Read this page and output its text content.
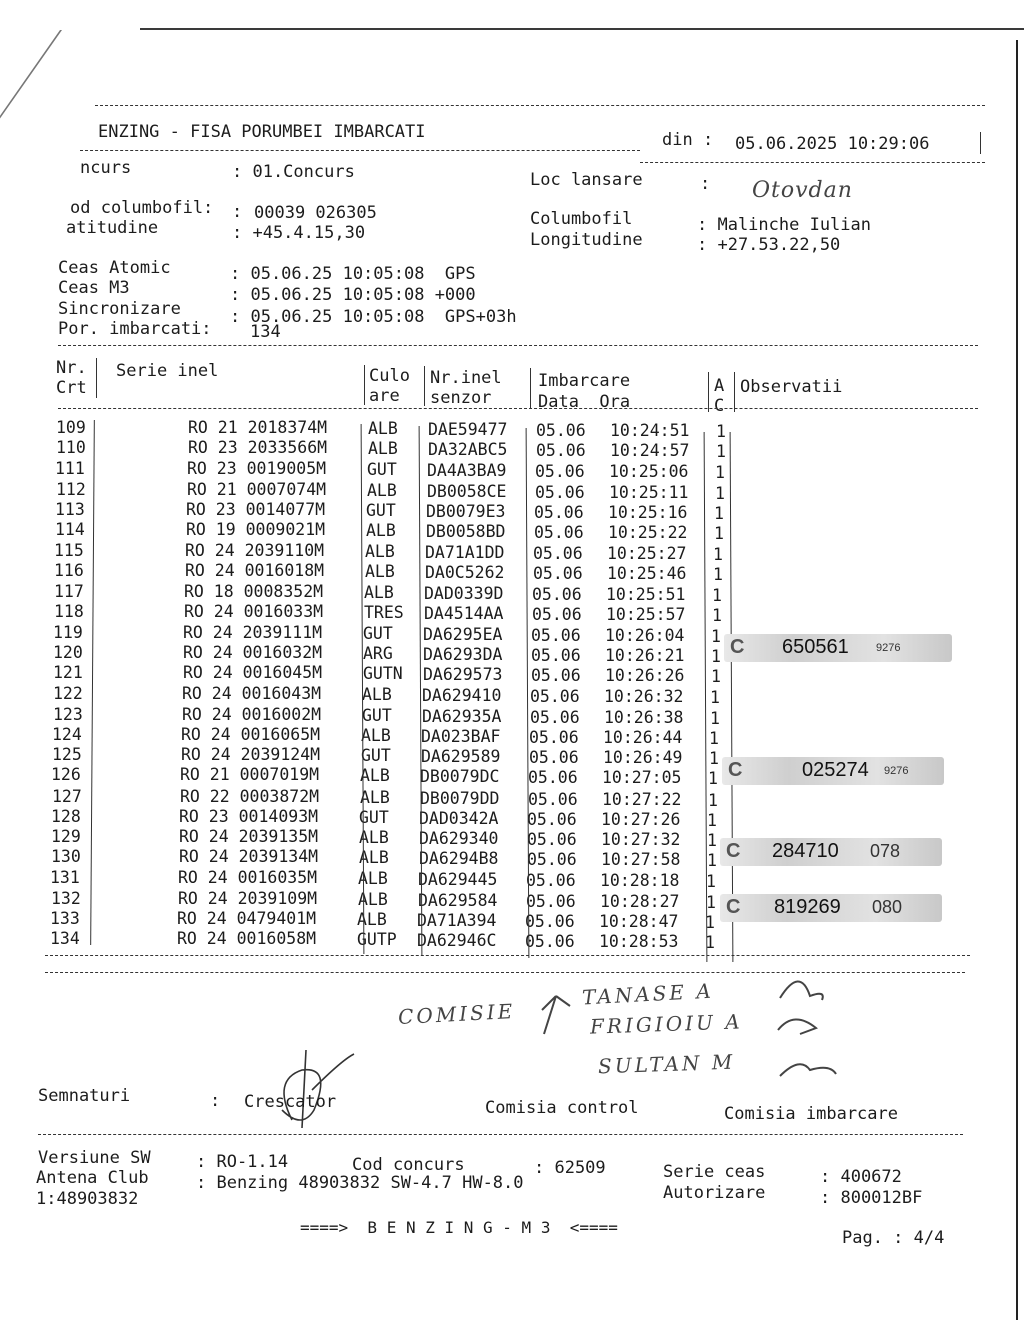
ENZING - FISA PORUMBEI IMBARCATI	din : 05.06.2025 10:29:06
ncurs	: 01.Concurs	Loc lansare	: Otovdan
od columbofil: : 00039 026305
atitudine	: +45.4.15,30
Columbofil	: Malinche Iulian
Longitudine	: +27.53.22,50
Ceas Atomic	: 05.06.25 10:05:08  GPS
Ceas M3	: 05.06.25 10:05:08 +000
Sincronizare	: 05.06.25 10:05:08  GPS+03h
Por. imbarcati: 134
Nr.
Crt
Serie inel	Culo
are
Nr.inel
senzor
Imbarcare
Data  Ora
A
C
Observatii
109	RO 21 2018374M ALB DAE59477 05.06 10:24:51 1
110	RO 23 2033566M ALB DA32ABC5 05.06 10:24:57 1
111	RO 23 0019005M GUT DA4A3BA9 05.06 10:25:06 1
112	RO 21 0007074M ALB DB0058CE 05.06 10:25:11 1
113	RO 23 0014077M GUT DB0079E3 05.06 10:25:16 1
114	RO 19 0009021M ALB DB0058BD 05.06 10:25:22 1
115	RO 24 2039110M ALB DA71A1DD 05.06 10:25:27 1
116	RO 24 0016018M ALB DA0C5262 05.06 10:25:46 1
117	RO 18 0008352M ALB DAD0339D 05.06 10:25:51 1
118	RO 24 0016033M TRES DA4514AA 05.06 10:25:57 1
119	RO 24 2039111M GUT DA6295EA 05.06 10:26:04 1
120	RO 24 0016032M ARG DA6293DA 05.06 10:26:21 1
121	RO 24 0016045M GUTN DA629573 05.06 10:26:26 1
122	RO 24 0016043M ALB DA629410 05.06 10:26:32 1
123	RO 24 0016002M GUT DA62935A 05.06 10:26:38 1
124	RO 24 0016065M ALB DA023BAF 05.06 10:26:44 1
125	RO 24 2039124M GUT DA629589 05.06 10:26:49 1
126	RO 21 0007019M ALB DB0079DC 05.06 10:27:05 1
127	RO 22 0003872M ALB DB0079DD 05.06 10:27:22 1
128	RO 23 0014093M GUT DAD0342A 05.06 10:27:26 1
129	RO 24 2039135M ALB DA629340 05.06 10:27:32 1
130	RO 24 2039134M ALB DA6294B8 05.06 10:27:58 1
131	RO 24 0016035M ALB DA629445 05.06 10:28:18 1
132	RO 24 2039109M ALB DA629584 05.06 10:28:27 1
133	RO 24 0479401M ALB DA71A394 05.06 10:28:47 1
134	RO 24 0016058M GUTP DA62946C 05.06 10:28:53 1
C 650561 9276
C	025274 9276
C 284710 078
C 819269 080
COMISIE
TANASE A
FRIGIOIU A
SULTAN M
Semnaturi	: Crescator	Comisia control	Comisia imbarcare
Versiune SW	: RO-1.14	Cod concurs	: 62509	Serie ceas	: 400672
Antena Club	: Benzing 48903832 SW-4.7 HW-8.0	Autorizare	: 800012BF
1:48903832
====>  B E N Z I N G - M 3  <====
Pag. : 4/4
